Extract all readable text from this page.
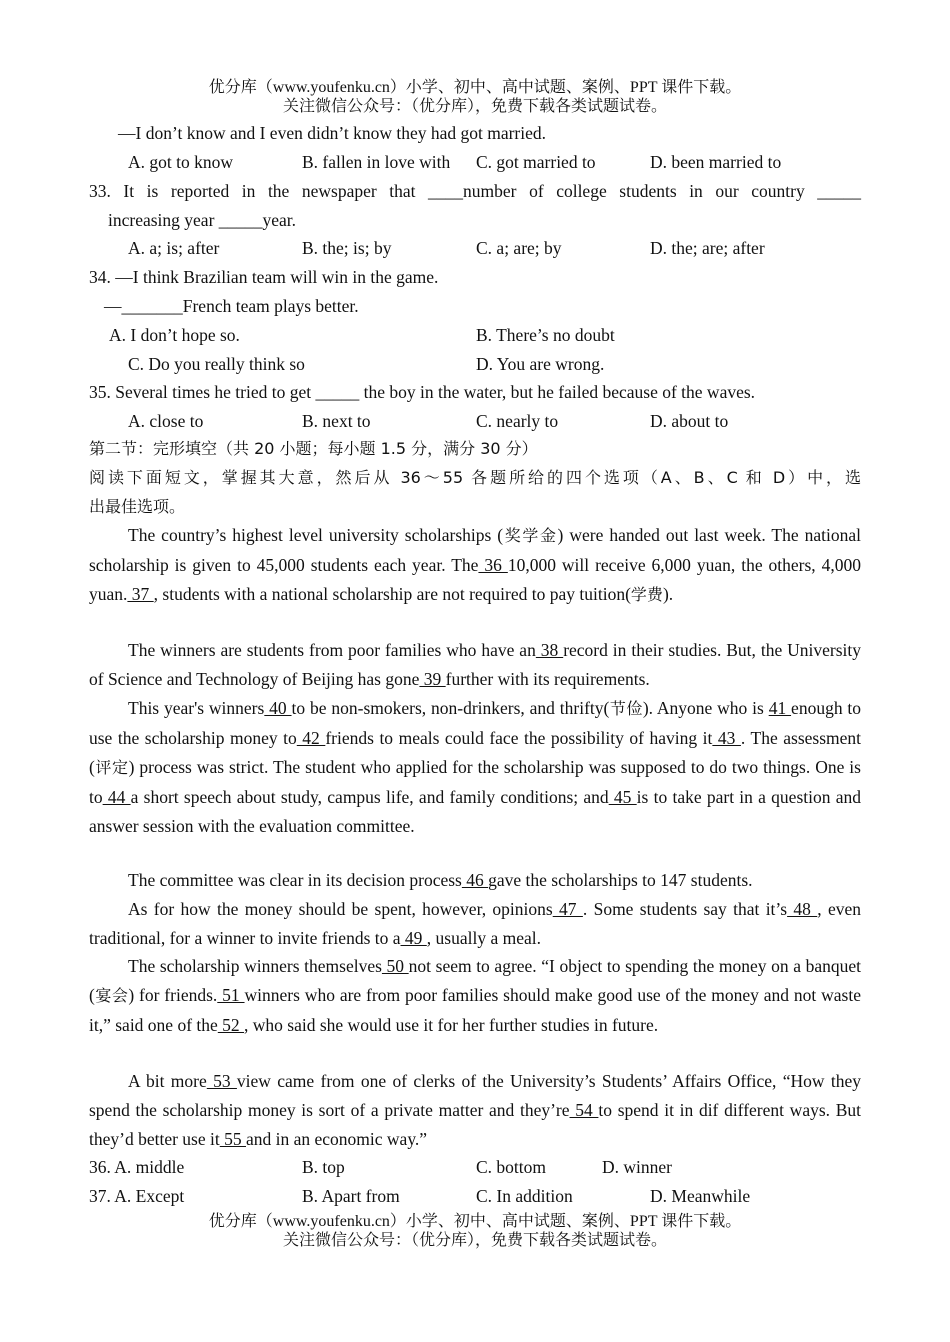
优分库（www.youfenku.cn）小学、初中、高中试题、案例、PPT 课件下载。
关注微信公众号：（优分库），免费下载各类试题试卷。
—I don’t know and I even didn’t know they had got married.
A. got to know	B. fallen in love with C. got married to	D. been married to
33. It is reported in the newspaper that ____number of college students in our country _____
increasing year _____year.
A. a; is; after	B. the; is; by	C. a; are; by	D. the; are; after
34. —I think Brazilian team will win in the game.
—_______French team plays better.
A. I don’t hope so.	B. There’s no doubt
C. Do you really think so	D. You are wrong.
35. Several times he tried to get _____ the boy in the water, but he failed because of the waves.
A. close to	B. next to	C. nearly to	D. about to
第二节：完形填空（共 20 小题；每小题 1.5 分，满分 30 分）
阅读下面短文，掌握其大意，然后从 36～55 各题所给的四个选项（A、B、C 和 D）中，选
出最佳选项。
The country’s highest level university scholarships (奖学金) were handed out last week. The national scholarship is given to 45,000 students each year. The 36 10,000 will receive 6,000 yuan, the others, 4,000 yuan. 37 , students with a national scholarship are not required to pay tuition(学费).
The winners are students from poor families who have an 38 record in their studies. But, the University of Science and Technology of Beijing has gone 39 further with its requirements.
This year's winners 40 to be non-smokers, non-drinkers, and thrifty(节俭). Anyone who is 41 enough to use the scholarship money to 42 friends to meals could face the possibility of having it 43 . The assessment (评定) process was strict. The student who applied for the scholarship was supposed to do two things. One is to 44 a short speech about study, campus life, and family conditions; and 45 is to take part in a question and answer session with the evaluation committee.
The committee was clear in its decision process 46 gave the scholarships to 147 students.
As for how the money should be spent, however, opinions 47 . Some students say that it’s 48 , even traditional, for a winner to invite friends to a 49 , usually a meal.
The scholarship winners themselves 50 not seem to agree. “I object to spending the money on a banquet (宴会) for friends. 51 winners who are from poor families should make good use of the money and not waste it,” said one of the 52 , who said she would use it for her further studies in future.
A bit more 53 view came from one of clerks of the University’s Students’ Affairs Office, “How they spend the scholarship money is sort of a private matter and they’re 54 to spend it in dif different ways. But they’d better use it 55 and in an economic way.”
36. A. middle	B. top	C. bottom	D. winner
37. A. Except	B. Apart from	C. In addition	D. Meanwhile
优分库（www.youfenku.cn）小学、初中、高中试题、案例、PPT 课件下载。
关注微信公众号：（优分库），免费下载各类试题试卷。
